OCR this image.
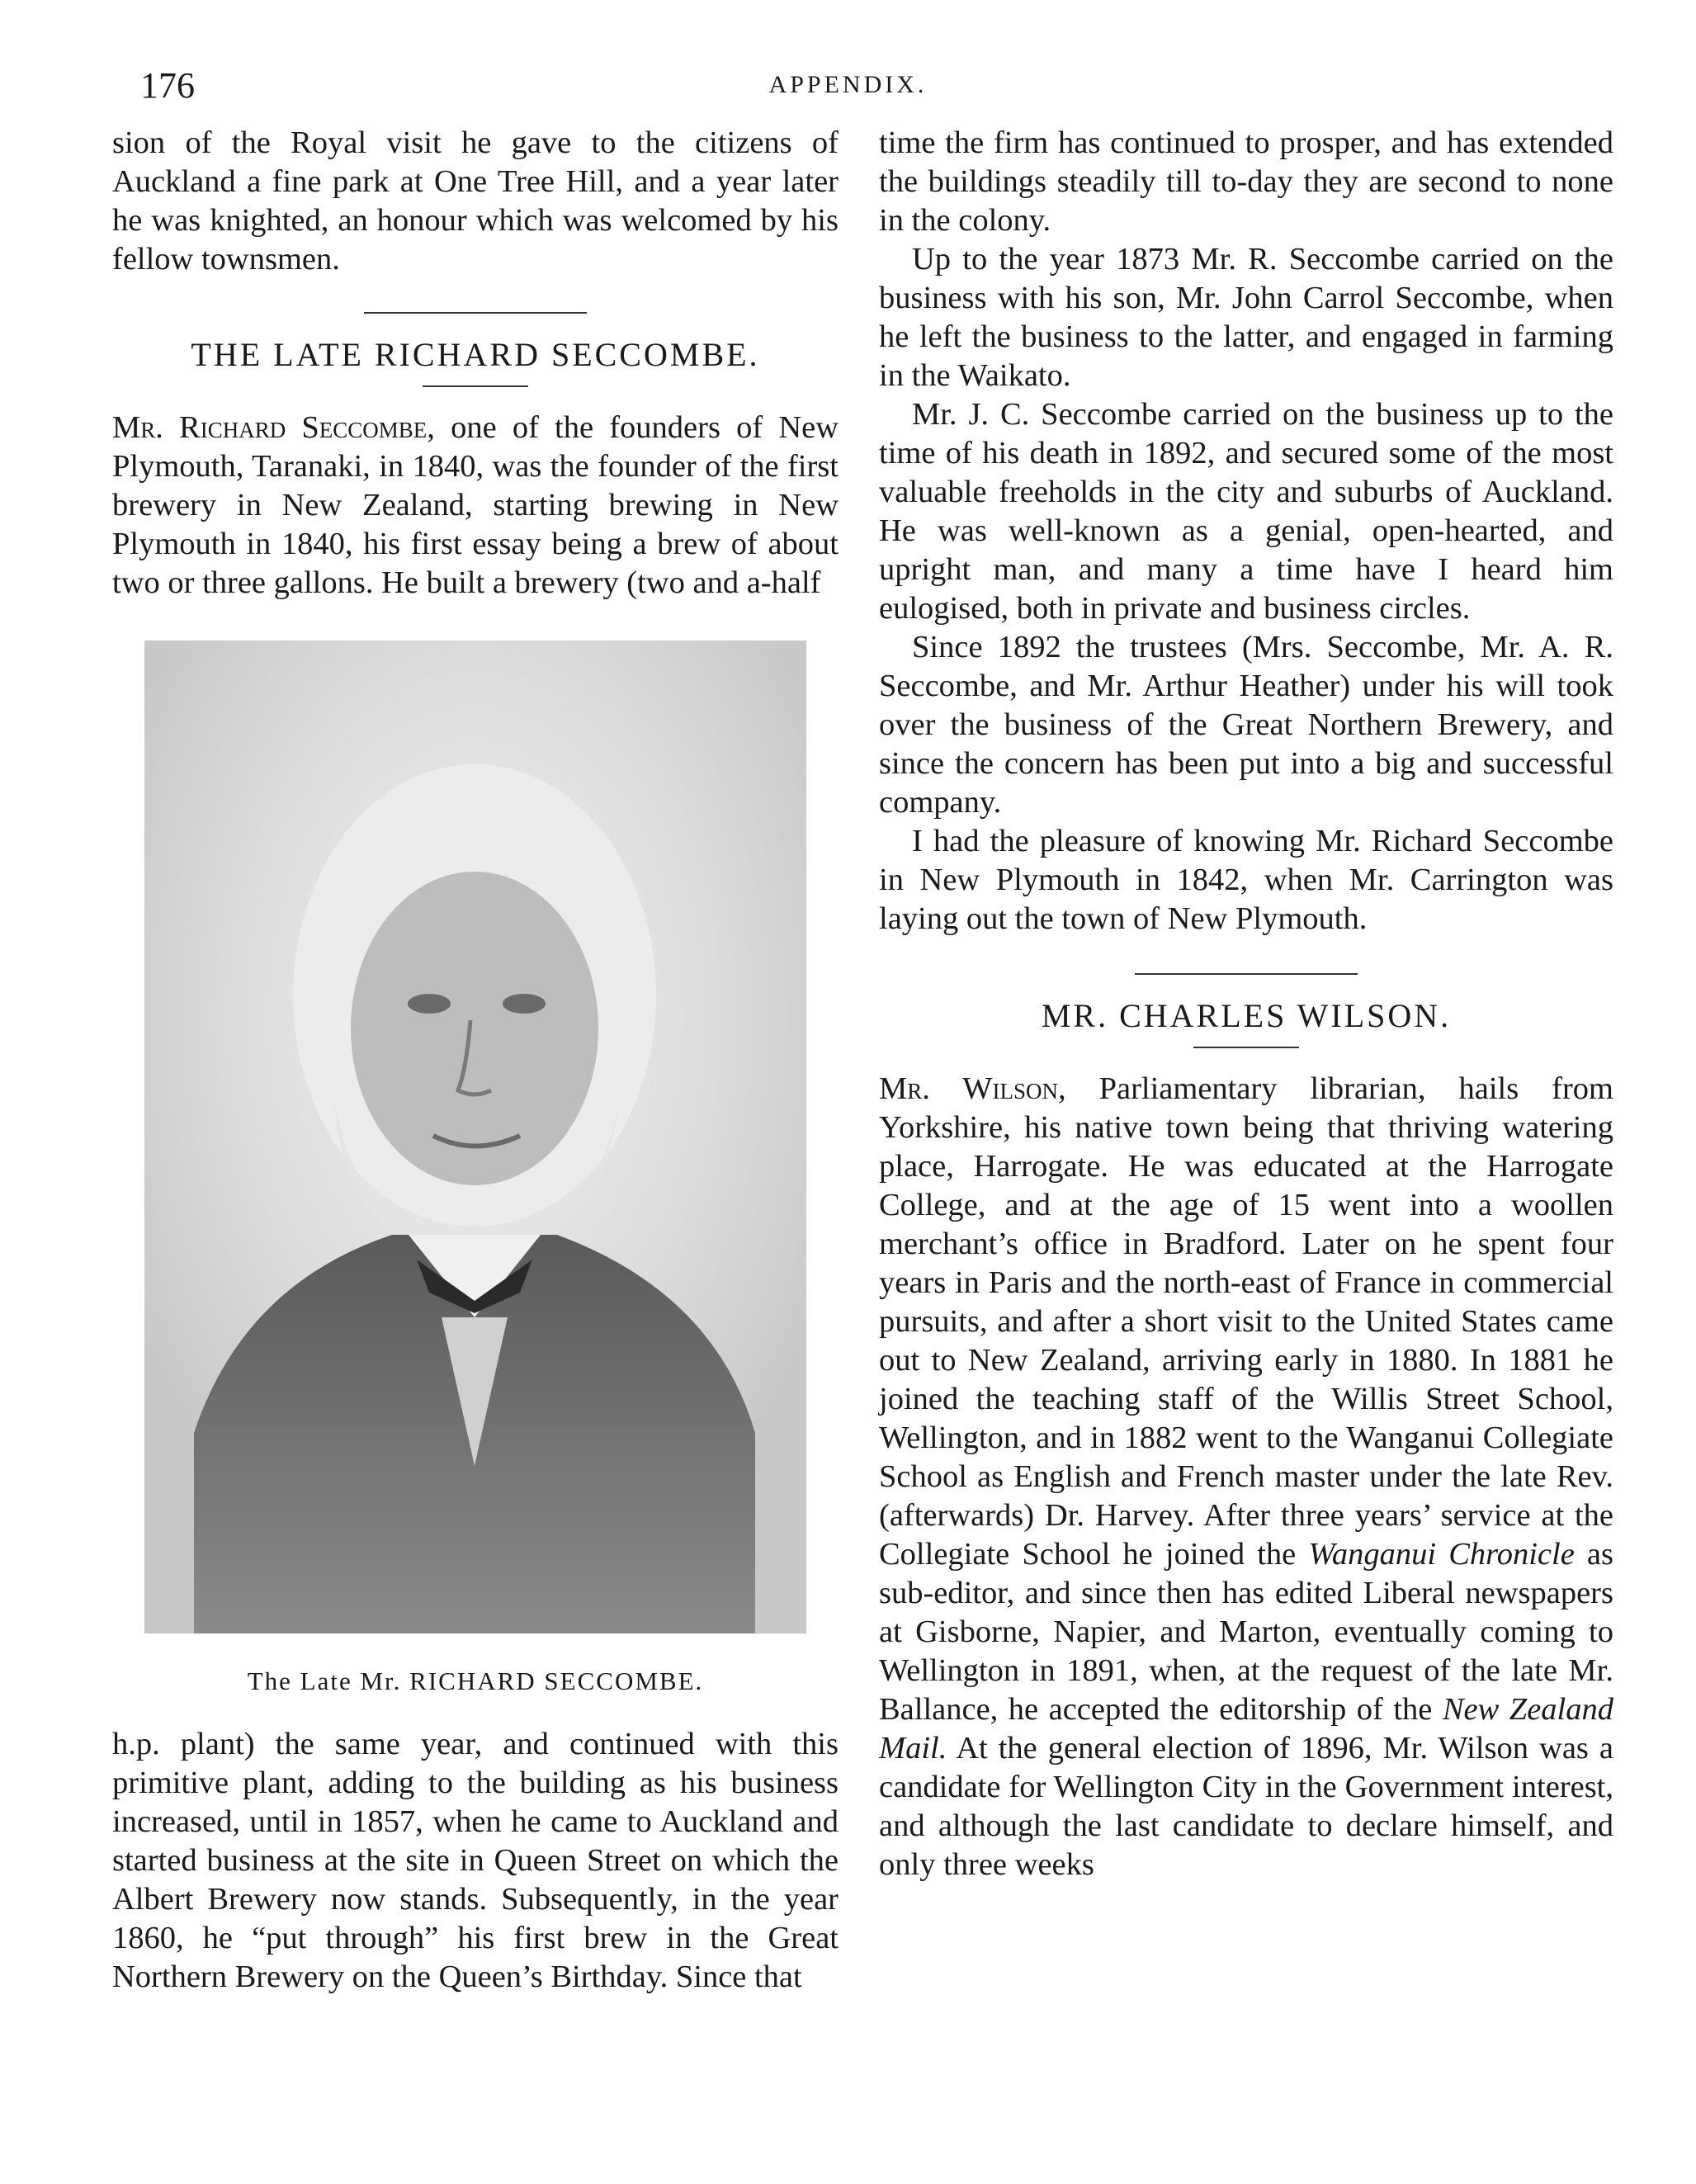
176	APPENDIX.

sion of the Royal visit he gave to the citizens of Auckland a fine park at One Tree Hill, and a year later he was knighted, an honour which was welcomed by his fellow townsmen.

THE LATE RICHARD SECCOMBE.

Mr. Richard Seccombe, one of the founders of New Plymouth, Taranaki, in 1840, was the founder of the first brewery in New Zealand, starting brewing in New Plymouth in 1840, his first essay being a brew of about two or three gallons. He built a brewery (two and a-half

The Late Mr. RICHARD SECCOMBE.

h.p. plant) the same year, and continued with this primitive plant, adding to the building as his business increased, until in 1857, when he came to Auckland and started business at the site in Queen Street on which the Albert Brewery now stands. Subsequently, in the year 1860, he “put through” his first brew in the Great Northern Brewery on the Queen’s Birthday. Since that

time the firm has continued to prosper, and has extended the buildings steadily till to-day they are second to none in the colony.

Up to the year 1873 Mr. R. Seccombe carried on the business with his son, Mr. John Carrol Seccombe, when he left the business to the latter, and engaged in farming in the Waikato.

Mr. J. C. Seccombe carried on the business up to the time of his death in 1892, and secured some of the most valuable freeholds in the city and suburbs of Auckland. He was well-known as a genial, open-hearted, and upright man, and many a time have I heard him eulogised, both in private and business circles.

Since 1892 the trustees (Mrs. Seccombe, Mr. A. R. Seccombe, and Mr. Arthur Heather) under his will took over the business of the Great Northern Brewery, and since the concern has been put into a big and successful company.

I had the pleasure of knowing Mr. Richard Seccombe in New Plymouth in 1842, when Mr. Carrington was laying out the town of New Plymouth.

MR. CHARLES WILSON.

Mr. Wilson, Parliamentary librarian, hails from Yorkshire, his native town being that thriving watering place, Harrogate. He was educated at the Harrogate College, and at the age of 15 went into a woollen merchant’s office in Bradford. Later on he spent four years in Paris and the north-east of France in commercial pursuits, and after a short visit to the United States came out to New Zealand, arriving early in 1880. In 1881 he joined the teaching staff of the Willis Street School, Wellington, and in 1882 went to the Wanganui Collegiate School as English and French master under the late Rev. (afterwards) Dr. Harvey. After three years’ service at the Collegiate School he joined the Wanganui Chronicle as sub-editor, and since then has edited Liberal newspapers at Gisborne, Napier, and Marton, eventually coming to Wellington in 1891, when, at the request of the late Mr. Ballance, he accepted the editorship of the New Zealand Mail. At the general election of 1896, Mr. Wilson was a candidate for Wellington City in the Government interest, and although the last candidate to declare himself, and only three weeks
